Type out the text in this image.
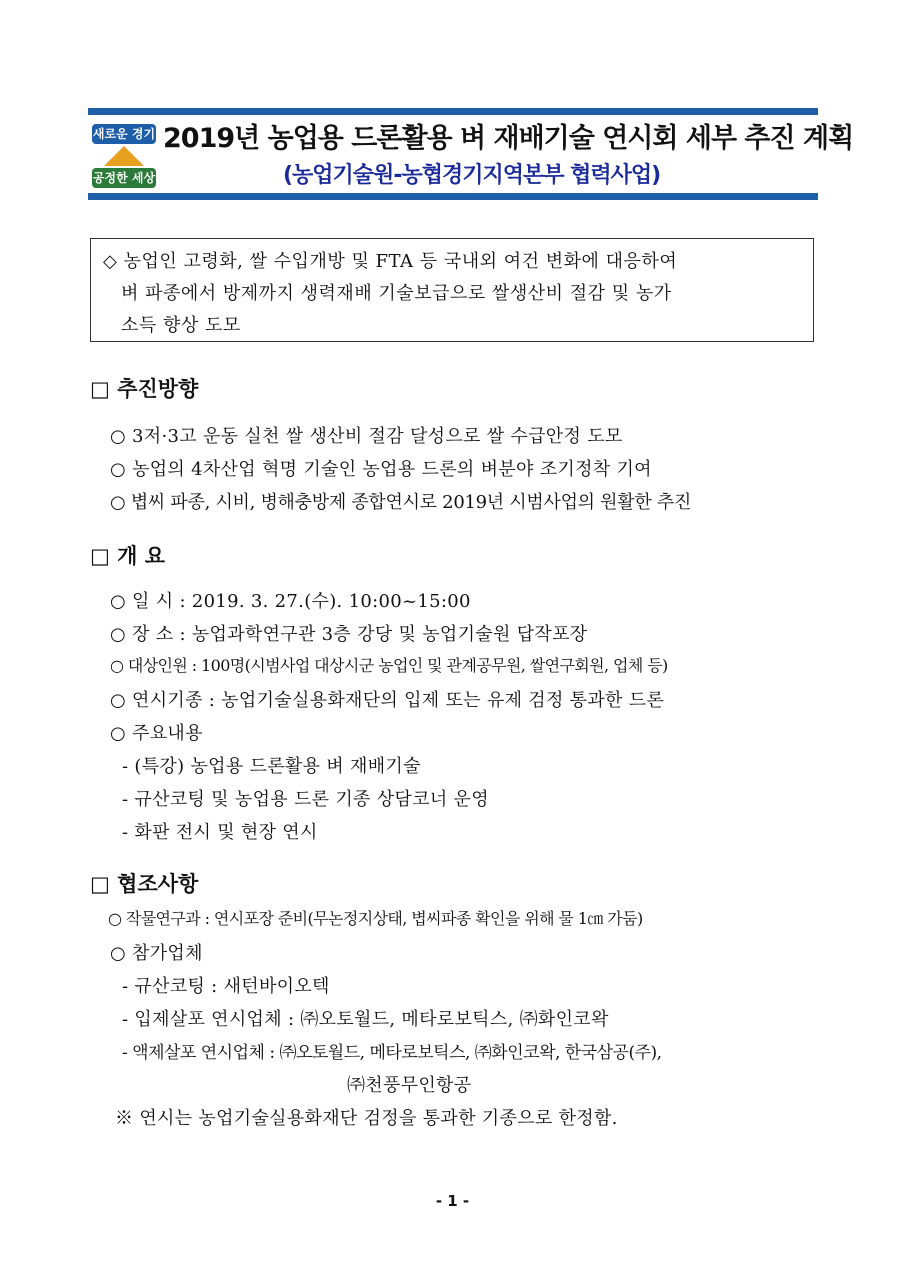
새로운 경기
공정한 세상
2019년 농업용 드론활용 벼 재배기술 연시회 세부 추진 계획
(농업기술원-농협경기지역본부 협력사업)
◇ 농업인 고령화, 쌀 수입개방 및 FTA 등 국내외 여건 변화에 대응하여
벼 파종에서 방제까지 생력재배 기술보급으로 쌀생산비 절감 및 농가
소득 향상 도모
□ 추진방향
○ 3저·3고 운동 실천 쌀 생산비 절감 달성으로 쌀 수급안정 도모
○ 농업의 4차산업 혁명 기술인 농업용 드론의 벼분야 조기정착 기여
○ 볍씨 파종, 시비, 병해충방제 종합연시로 2019년 시범사업의 원활한 추진
□ 개 요
○ 일 시 : 2019. 3. 27.(수). 10:00~15:00
○ 장 소 : 농업과학연구관 3층 강당 및 농업기술원 답작포장
○ 대상인원 : 100명(시범사업 대상시군 농업인 및 관계공무원, 쌀연구회원, 업체 등)
○ 연시기종 : 농업기술실용화재단의 입제 또는 유제 검정 통과한 드론
○ 주요내용
- (특강) 농업용 드론활용 벼 재배기술
- 규산코팅 및 농업용 드론 기종 상담코너 운영
- 화판 전시 및 현장 연시
□ 협조사항
○ 작물연구과 : 연시포장 준비(무논정지상태, 볍씨파종 확인을 위해 물 1㎝ 가둠)
○ 참가업체
- 규산코팅 : 새턴바이오텍
- 입제살포 연시업체 : ㈜오토월드, 메타로보틱스, ㈜화인코왁
- 액제살포 연시업체 : ㈜오토월드, 메타로보틱스, ㈜화인코왁, 한국삼공(주),
㈜천풍무인항공
※ 연시는 농업기술실용화재단 검정을 통과한 기종으로 한정함.
- 1 -
